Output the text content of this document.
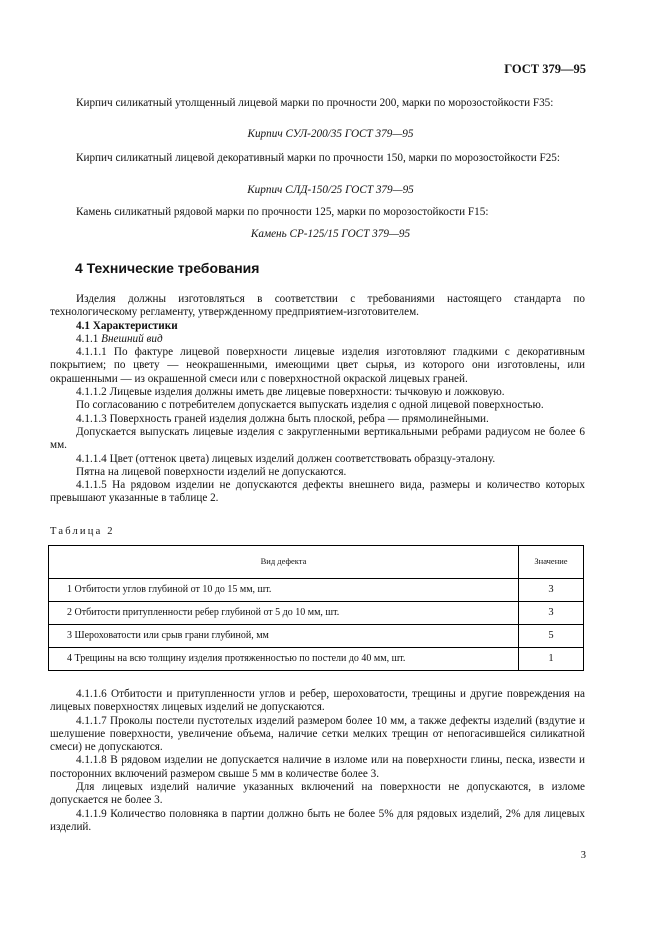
ГОСТ 379—95

Кирпич силикатный утолщенный лицевой марки по прочности 200, марки по морозостойкости F35:

Кирпич СУЛ-200/35 ГОСТ 379—95

Кирпич силикатный лицевой декоративный марки по прочности 150, марки по морозостойкости F25:

Кирпич СЛД-150/25 ГОСТ 379—95

Камень силикатный рядовой марки по прочности 125, марки по морозостойкости F15:

Камень СР-125/15 ГОСТ 379—95
4 Технические требования

Изделия должны изготовляться в соответствии с требованиями настоящего стандарта по технологическому регламенту, утвержденному предприятием-изготовителем.

4.1 Характеристики

4.1.1 Внешний вид

4.1.1.1 По фактуре лицевой поверхности лицевые изделия изготовляют гладкими с декоративным покрытием; по цвету — неокрашенными, имеющими цвет сырья, из которого они изготовлены, или окрашенными — из окрашенной смеси или с поверхностной окраской лицевых граней.

4.1.1.2 Лицевые изделия должны иметь две лицевые поверхности: тычковую и ложковую.

По согласованию с потребителем допускается выпускать изделия с одной лицевой поверхностью.

4.1.1.3 Поверхность граней изделия должна быть плоской, ребра — прямолинейными.

Допускается выпускать лицевые изделия с закругленными вертикальными ребрами радиусом не более 6 мм.

4.1.1.4 Цвет (оттенок цвета) лицевых изделий должен соответствовать образцу-эталону.

Пятна на лицевой поверхности изделий не допускаются.

4.1.1.5 На рядовом изделии не допускаются дефекты внешнего вида, размеры и количество которых превышают указанные в таблице 2.

Таблица 2
Вид дефекта	Значение
1 Отбитости углов глубиной от 10 до 15 мм, шт.	3
2 Отбитости притупленности ребер глубиной от 5 до 10 мм, шт.	3
3 Шероховатости или срыв грани глубиной, мм	5
4 Трещины на всю толщину изделия протяженностью по постели до 40 мм, шт.	1

4.1.1.6 Отбитости и притупленности углов и ребер, шероховатости, трещины и другие повреждения на лицевых поверхностях лицевых изделий не допускаются.

4.1.1.7 Проколы постели пустотелых изделий размером более 10 мм, а также дефекты изделий (вздутие и шелушение поверхности, увеличение объема, наличие сетки мелких трещин от непогасившейся силикатной смеси) не допускаются.

4.1.1.8 В рядовом изделии не допускается наличие в изломе или на поверхности глины, песка, извести и посторонних включений размером свыше 5 мм в количестве более 3.

Для лицевых изделий наличие указанных включений на поверхности не допускаются, в изломе допускается не более 3.

4.1.1.9 Количество половняка в партии должно быть не более 5% для рядовых изделий, 2% для лицевых изделий.

3
